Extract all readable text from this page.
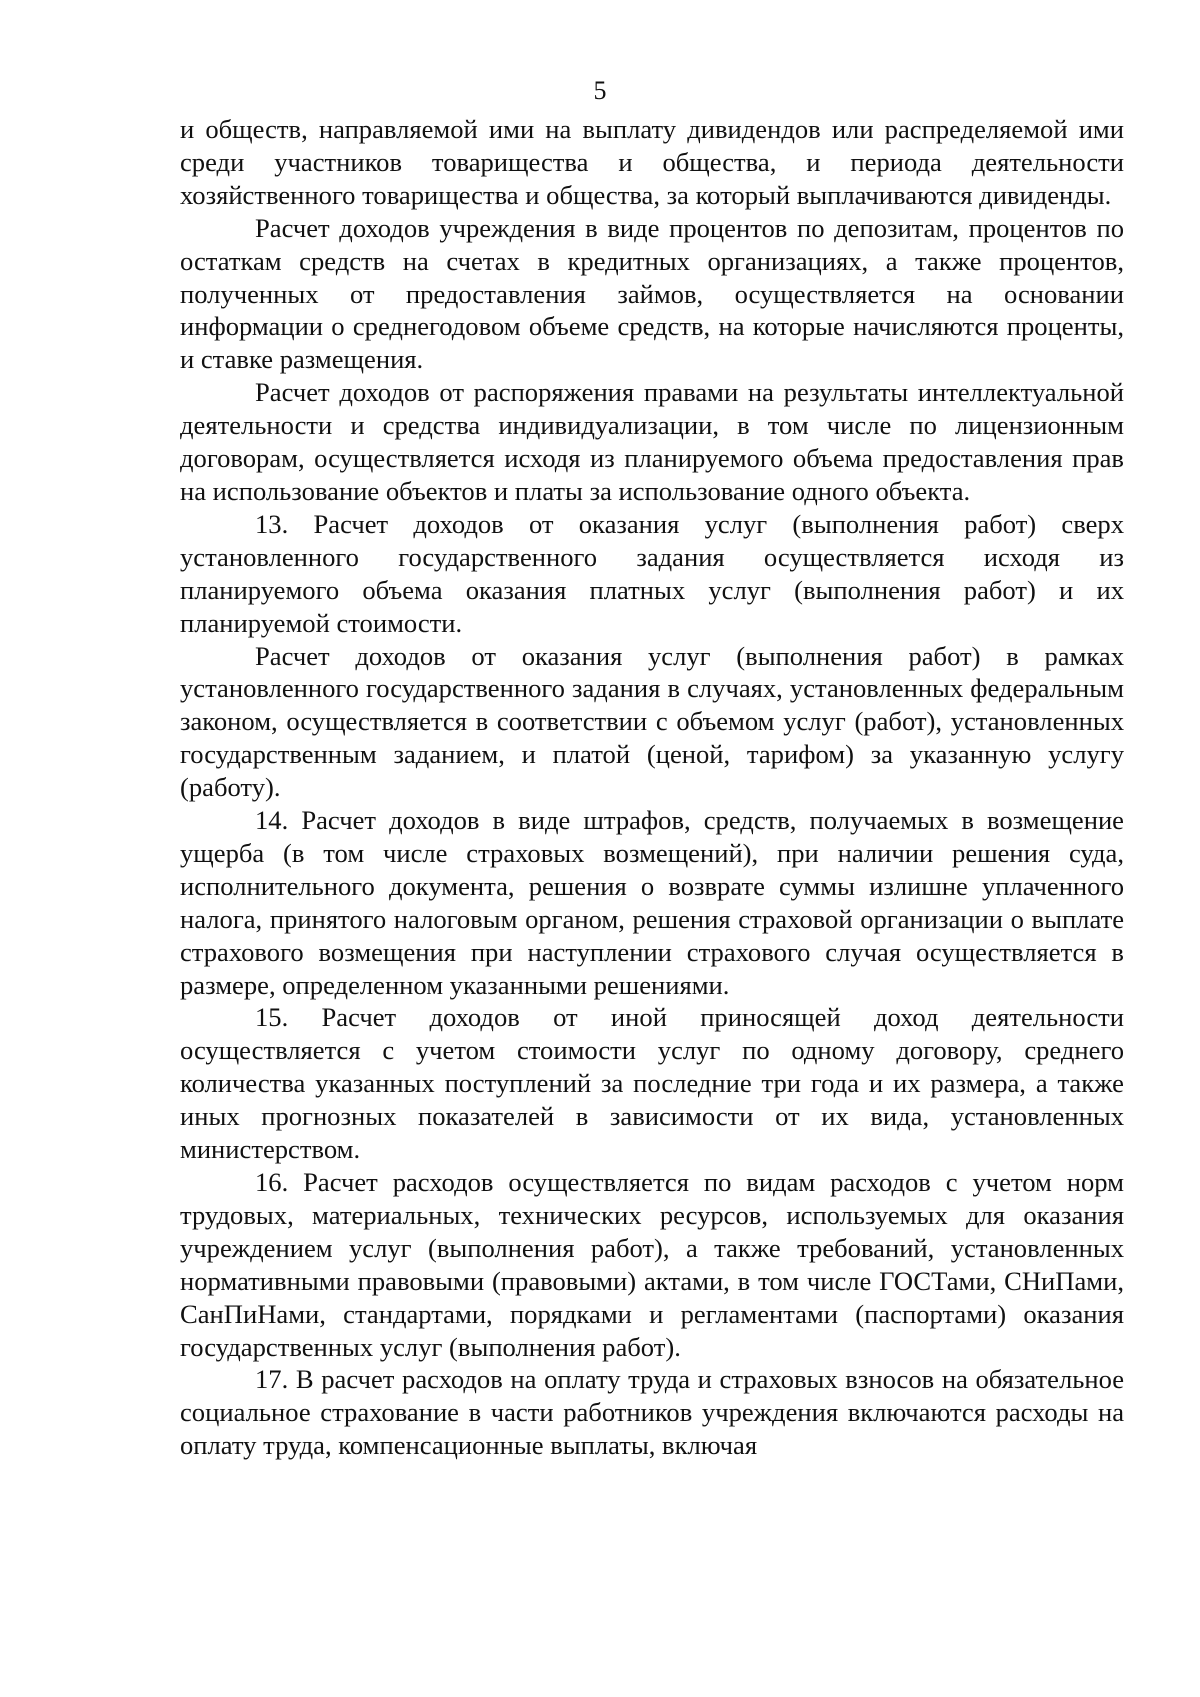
5

и обществ, направляемой ими на выплату дивидендов или распределяемой ими среди участников товарищества и общества, и периода деятельности хозяйственного товарищества и общества, за который выплачиваются дивиденды.

Расчет доходов учреждения в виде процентов по депозитам, процентов по остаткам средств на счетах в кредитных организациях, а также процентов, полученных от предоставления займов, осуществляется на основании информации о среднегодовом объеме средств, на которые начисляются проценты, и ставке размещения.

Расчет доходов от распоряжения правами на результаты интеллектуальной деятельности и средства индивидуализации, в том числе по лицензионным договорам, осуществляется исходя из планируемого объема предоставления прав на использование объектов и платы за использование одного объекта.

13. Расчет доходов от оказания услуг (выполнения работ) сверх установленного государственного задания осуществляется исходя из планируемого объема оказания платных услуг (выполнения работ) и их планируемой стоимости.

Расчет доходов от оказания услуг (выполнения работ) в рамках установленного государственного задания в случаях, установленных федеральным законом, осуществляется в соответствии с объемом услуг (работ), установленных государственным заданием, и платой (ценой, тарифом) за указанную услугу (работу).

14. Расчет доходов в виде штрафов, средств, получаемых в возмещение ущерба (в том числе страховых возмещений), при наличии решения суда, исполнительного документа, решения о возврате суммы излишне уплаченного налога, принятого налоговым органом, решения страховой организации о выплате страхового возмещения при наступлении страхового случая осуществляется в размере, определенном указанными решениями.

15. Расчет доходов от иной приносящей доход деятельности осуществляется с учетом стоимости услуг по одному договору, среднего количества указанных поступлений за последние три года и их размера, а также иных прогнозных показателей в зависимости от их вида, установленных министерством.

16. Расчет расходов осуществляется по видам расходов с учетом норм трудовых, материальных, технических ресурсов, используемых для оказания учреждением услуг (выполнения работ), а также требований, установленных нормативными правовыми (правовыми) актами, в том числе ГОСТами, СНиПами, СанПиНами, стандартами, порядками и регламентами (паспортами) оказания государственных услуг (выполнения работ).

17. В расчет расходов на оплату труда и страховых взносов на обязательное социальное страхование в части работников учреждения включаются расходы на оплату труда, компенсационные выплаты, включая
